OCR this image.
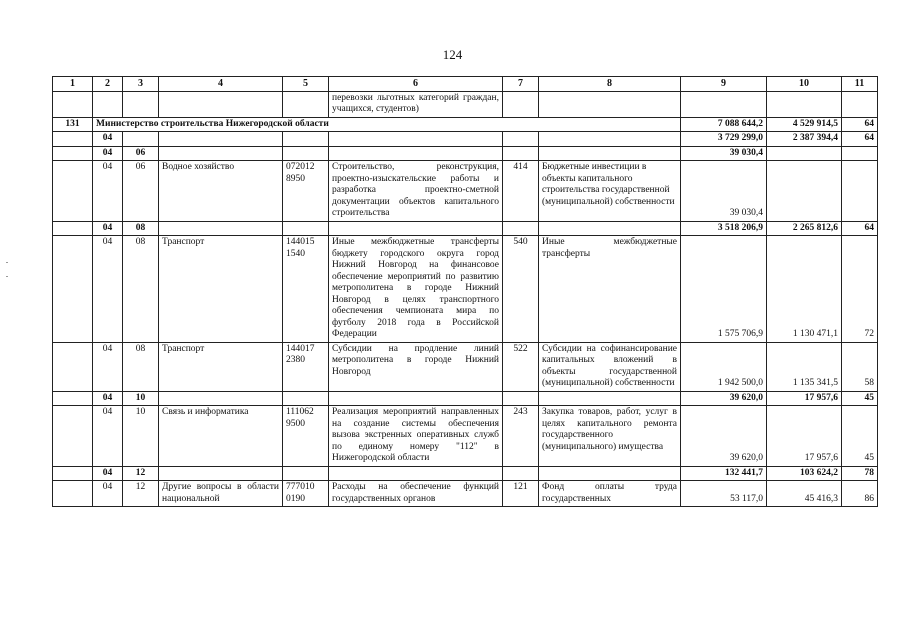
124
1	2	3	4	5	6	7	8	9	10	11
					перевозки льготных категорий граждан, учащихся, студентов)					
131	Министерство строительства Нижегородской области							7 088 644,2	4 529 914,5	64
	04							3 729 299,0	2 387 394,4	64
	04	06						39 030,4		
	04	06	Водное хозяйство	072012 8950	Строительство, реконструкция, проектно-изыскательские работы и разработка проектно-сметной документации объектов капитального строительства	414	Бюджетные инвестиции в объекты капитального строительства государственной (муниципальной) собственности	39 030,4		
	04	08						3 518 206,9	2 265 812,6	64
	04	08	Транспорт	144015 1540	Иные межбюджетные трансферты бюджету городского округа город Нижний Новгород на финансовое обеспечение мероприятий по развитию метрополитена в городе Нижний Новгород в целях транспортного обеспечения чемпионата мира по футболу 2018 года в Российской Федерации	540	Иные межбюджетные трансферты	1 575 706,9	1 130 471,1	72
	04	08	Транспорт	144017 2380	Субсидии на продление линий метрополитена в городе Нижний Новгород	522	Субсидии на софинансирование капитальных вложений в объекты государственной (муниципальной) собственности	1 942 500,0	1 135 341,5	58
	04	10						39 620,0	17 957,6	45
	04	10	Связь и информатика	111062 9500	Реализация мероприятий направленных на создание системы обеспечения вызова экстренных оперативных служб по единому номеру "112" в Нижегородской области	243	Закупка товаров, работ, услуг в целях капитального ремонта государственного (муниципального) имущества	39 620,0	17 957,6	45
	04	12						132 441,7	103 624,2	78
	04	12	Другие вопросы в области национальной	777010 0190	Расходы на обеспечение функций государственных органов	121	Фонд оплаты труда государственных	53 117,0	45 416,3	86
